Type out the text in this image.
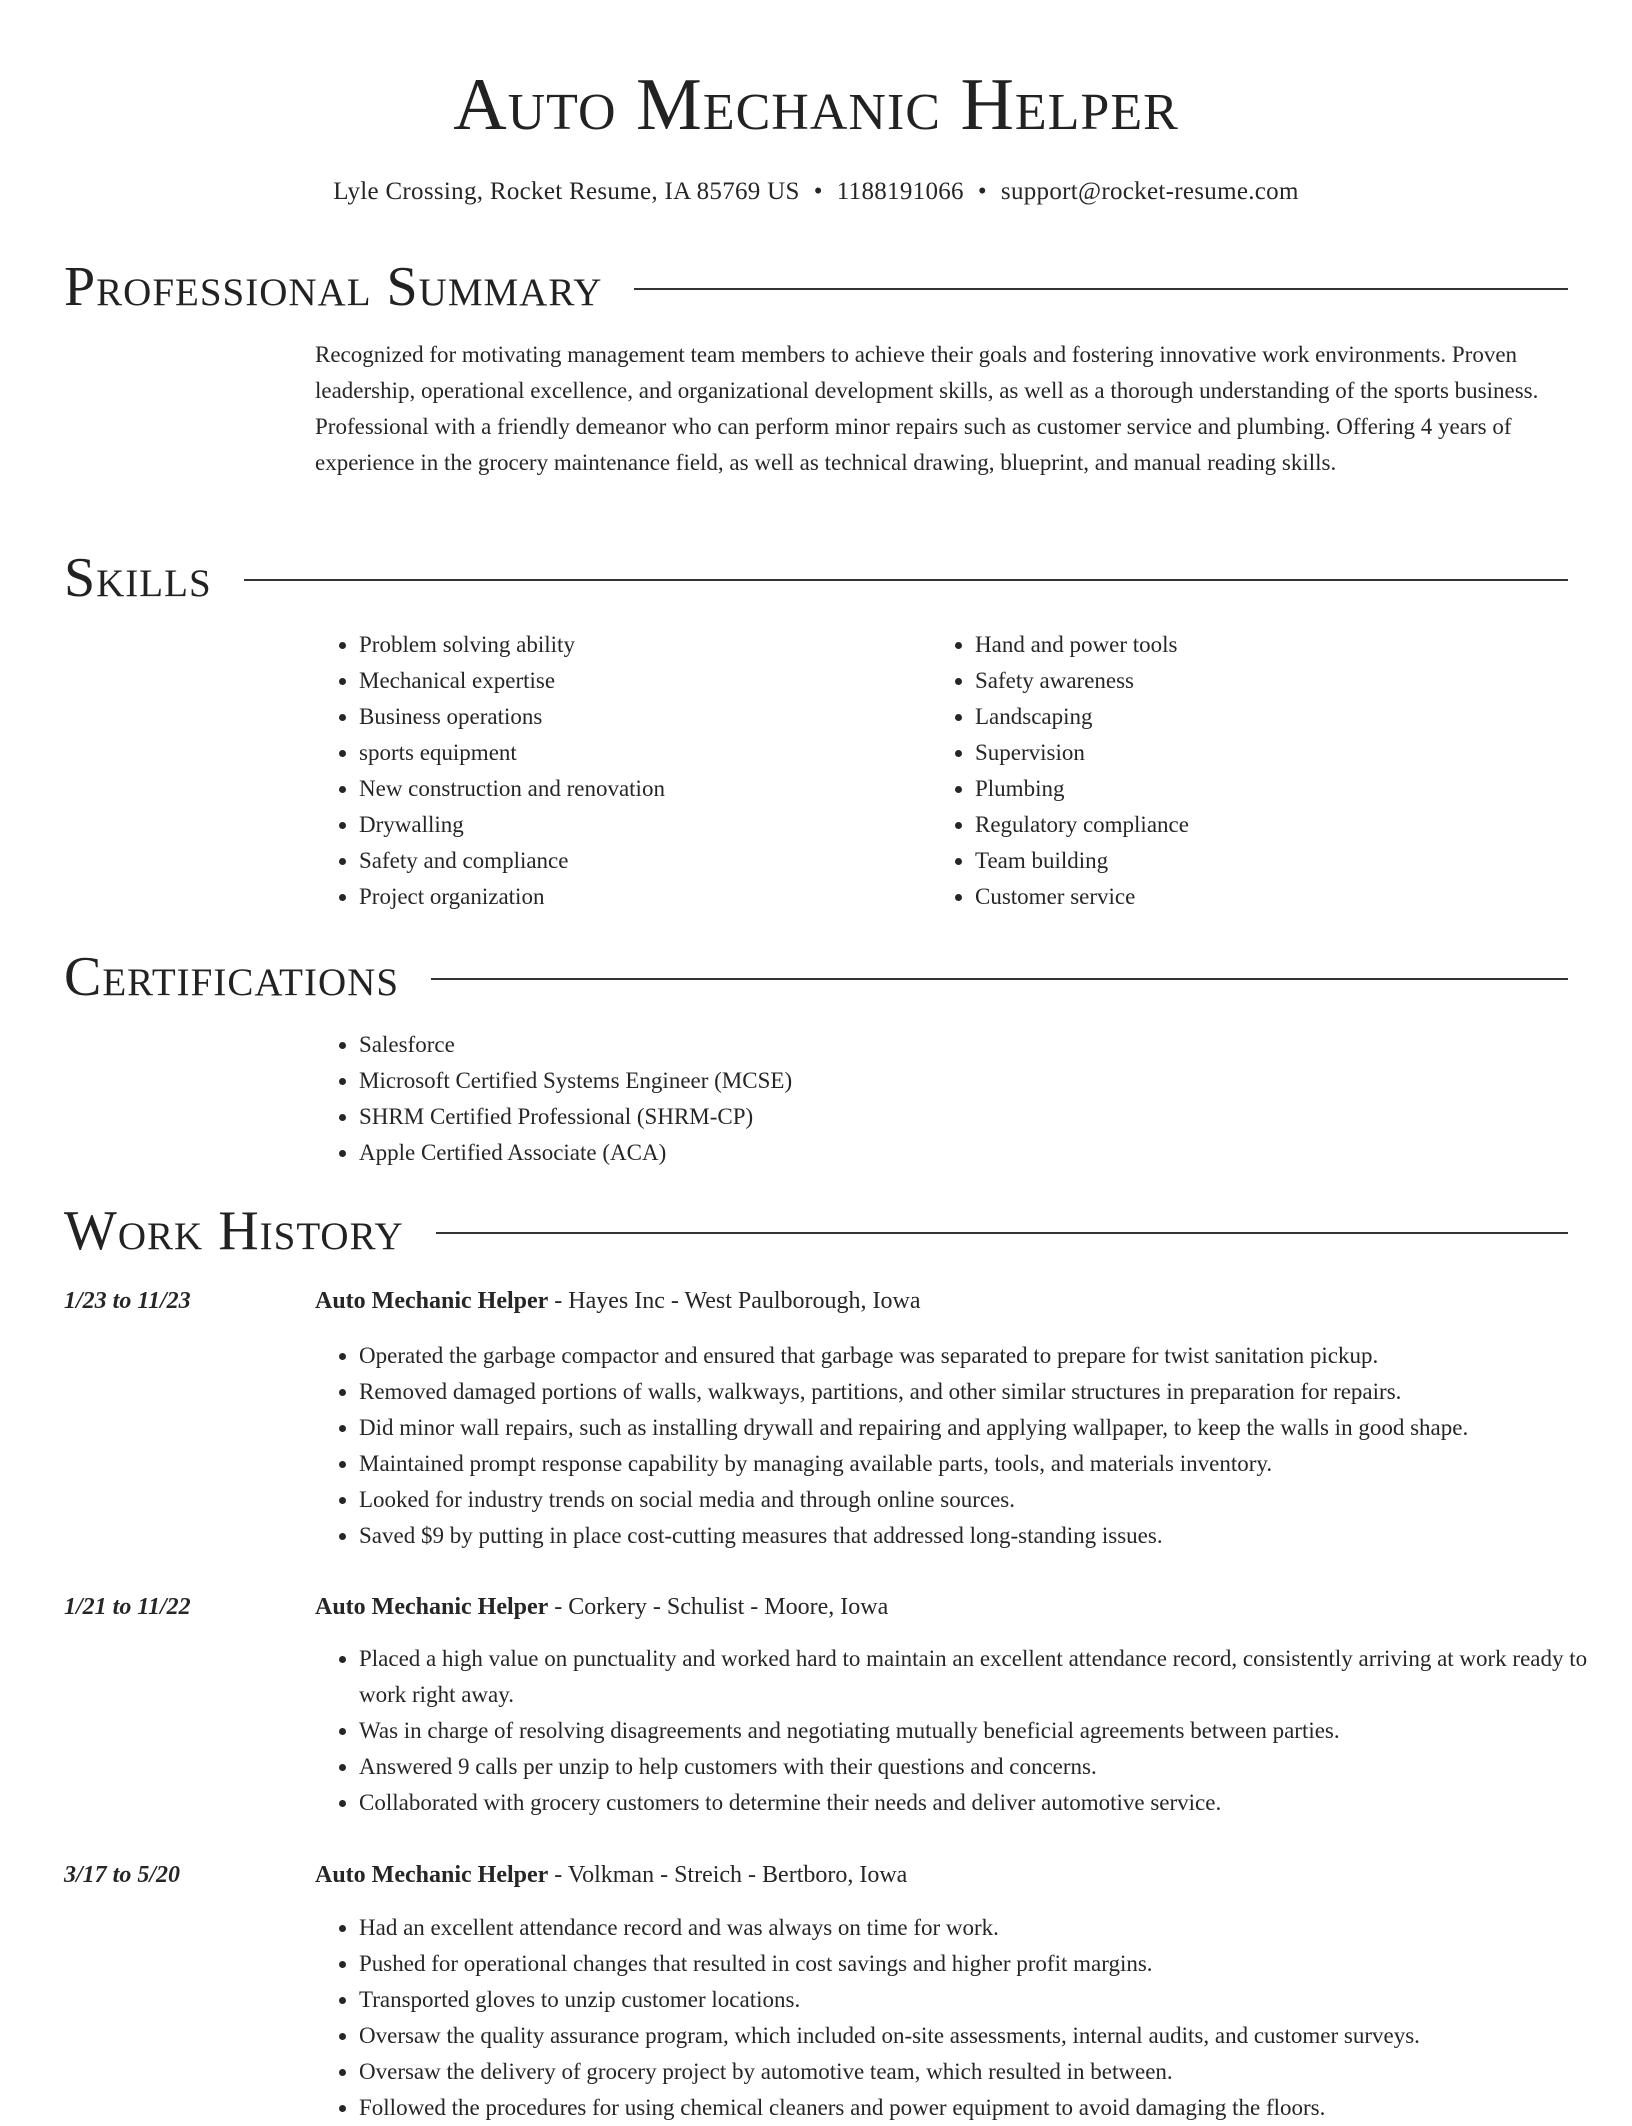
Auto Mechanic Helper
Lyle Crossing, Rocket Resume, IA 85769 US • 1188191066 • support@rocket-resume.com
Professional Summary

Recognized for motivating management team members to achieve their goals and fostering innovative work environments. Proven leadership, operational excellence, and organizational development skills, as well as a thorough understanding of the sports business. Professional with a friendly demeanor who can perform minor repairs such as customer service and plumbing. Offering 4 years of experience in the grocery maintenance field, as well as technical drawing, blueprint, and manual reading skills.

Skills
• Problem solving ability
• Mechanical expertise
• Business operations
• sports equipment
• New construction and renovation
• Drywalling
• Safety and compliance
• Project organization
• Hand and power tools
• Safety awareness
• Landscaping
• Supervision
• Plumbing
• Regulatory compliance
• Team building
• Customer service
Certifications
• Salesforce
• Microsoft Certified Systems Engineer (MCSE)
• SHRM Certified Professional (SHRM-CP)
• Apple Certified Associate (ACA)
Work History
1/23 to 11/23	Auto Mechanic Helper - Hayes Inc - West Paulborough, Iowa
• Operated the garbage compactor and ensured that garbage was separated to prepare for twist sanitation pickup.
• Removed damaged portions of walls, walkways, partitions, and other similar structures in preparation for repairs.
• Did minor wall repairs, such as installing drywall and repairing and applying wallpaper, to keep the walls in good shape.
• Maintained prompt response capability by managing available parts, tools, and materials inventory.
• Looked for industry trends on social media and through online sources.
• Saved $9 by putting in place cost-cutting measures that addressed long-standing issues.
1/21 to 11/22	Auto Mechanic Helper - Corkery - Schulist - Moore, Iowa
• Placed a high value on punctuality and worked hard to maintain an excellent attendance record, consistently arriving at work ready to work right away.
• Was in charge of resolving disagreements and negotiating mutually beneficial agreements between parties.
• Answered 9 calls per unzip to help customers with their questions and concerns.
• Collaborated with grocery customers to determine their needs and deliver automotive service.
3/17 to 5/20	Auto Mechanic Helper - Volkman - Streich - Bertboro, Iowa
• Had an excellent attendance record and was always on time for work.
• Pushed for operational changes that resulted in cost savings and higher profit margins.
• Transported gloves to unzip customer locations.
• Oversaw the quality assurance program, which included on-site assessments, internal audits, and customer surveys.
• Oversaw the delivery of grocery project by automotive team, which resulted in between.
• Followed the procedures for using chemical cleaners and power equipment to avoid damaging the floors.
